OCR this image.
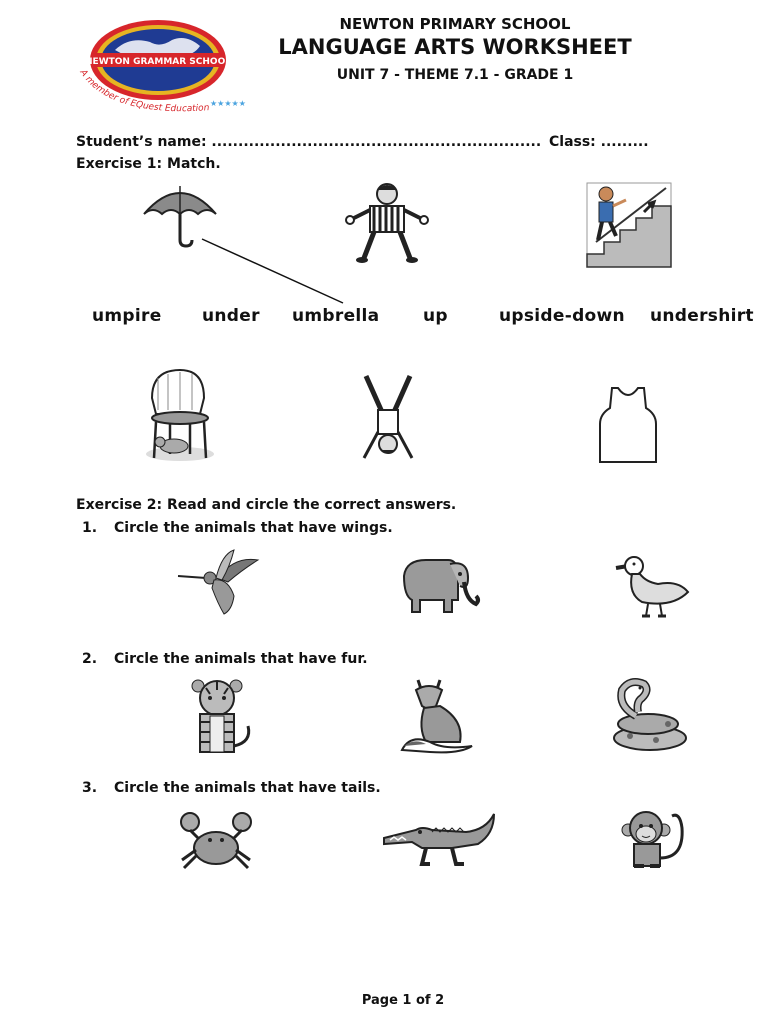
NEWTON GRAMMAR SCHOOL
A member of EQuest Education ★★★★★
NEWTON PRIMARY SCHOOL
LANGUAGE ARTS WORKSHEET
UNIT 7 - THEME 7.1 - GRADE 1
Student’s name: .............................................................. Class: .........
Exercise 1: Match.
umpire under umbrella	up	upside-down undershirt
Exercise 2: Read and circle the correct answers.
1. Circle the animals that have wings.
2. Circle the animals that have fur.
3. Circle the animals that have tails.
Page 1 of 2
